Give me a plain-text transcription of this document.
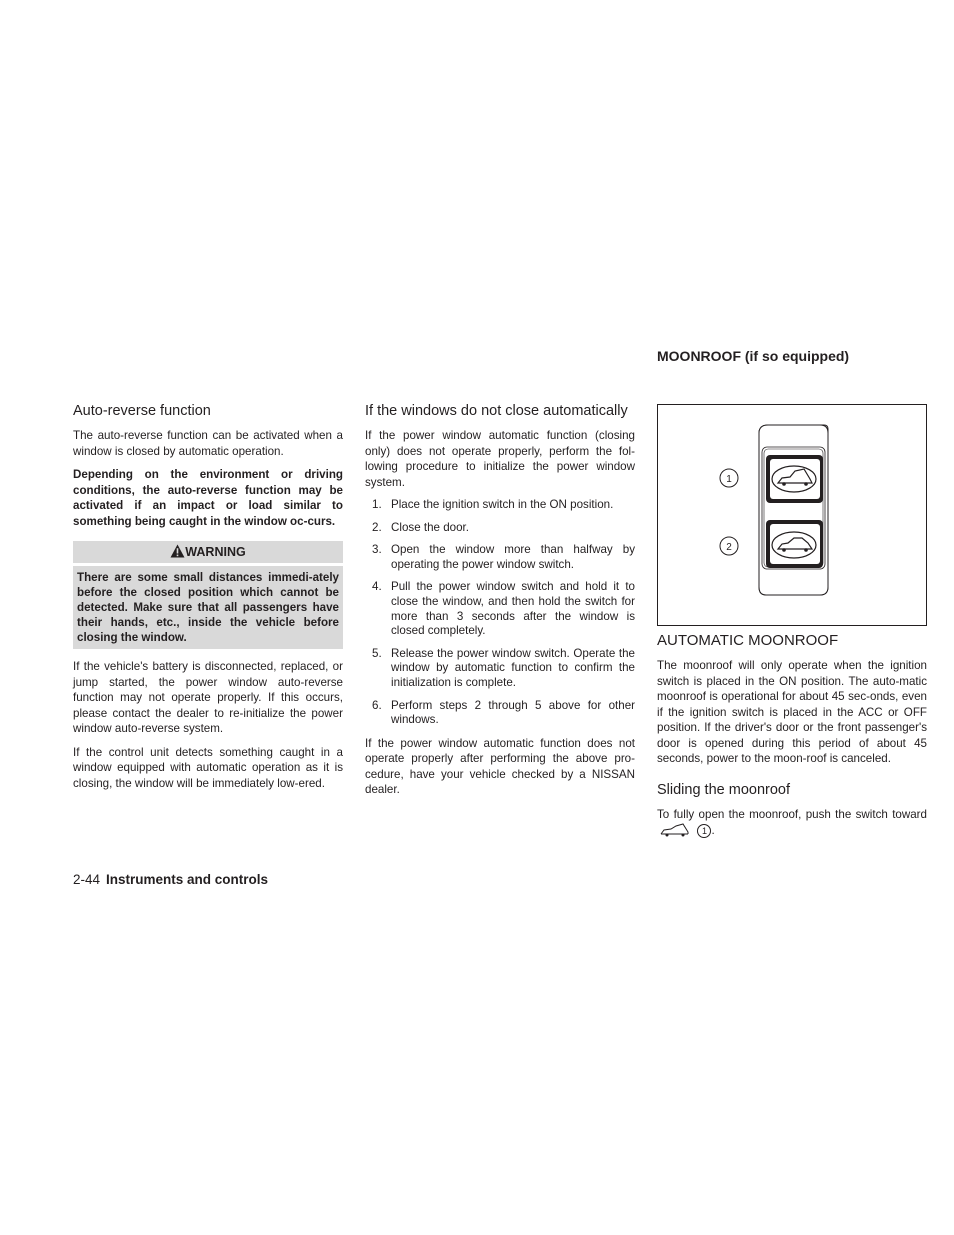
MOONROOF (if so equipped)
Auto-reverse function

The auto-reverse function can be activated when a window is closed by automatic operation.

Depending on the environment or driving conditions, the auto-reverse function may be activated if an impact or load similar to something being caught in the window oc-curs.

WARNING
There are some small distances immedi-ately before the closed position which cannot be detected. Make sure that all passengers have their hands, etc., inside the vehicle before closing the window.

If the vehicle's battery is disconnected, replaced, or jump started, the power window auto-reverse function may not operate properly. If this occurs, please contact the dealer to re-initialize the power window auto-reverse system.

If the control unit detects something caught in a window equipped with automatic operation as it is closing, the window will be immediately low-ered.

If the windows do not close automatically

If the power window automatic function (closing only) does not operate properly, perform the fol-lowing procedure to initialize the power window system.

1. Place the ignition switch in the ON position.
2. Close the door.
3. Open the window more than halfway by operating the power window switch.
4. Pull the power window switch and hold it to close the window, and then hold the switch for more than 3 seconds after the window is closed completely.
5. Release the power window switch. Operate the window by automatic function to confirm the initialization is complete.
6. Perform steps 2 through 5 above for other windows.

If the power window automatic function does not operate properly after performing the above pro-cedure, have your vehicle checked by a NISSAN dealer.

1
2
AUTOMATIC MOONROOF

The moonroof will only operate when the ignition switch is placed in the ON position. The auto-matic moonroof is operational for about 45 sec-onds, even if the ignition switch is placed in the ACC or OFF position. If the driver's door or the front passenger's door is opened during this period of about 45 seconds, power to the moon-roof is canceled.

Sliding the moonroof

To fully open the moonroof, push the switch toward  1 .

2-44 Instruments and controls
